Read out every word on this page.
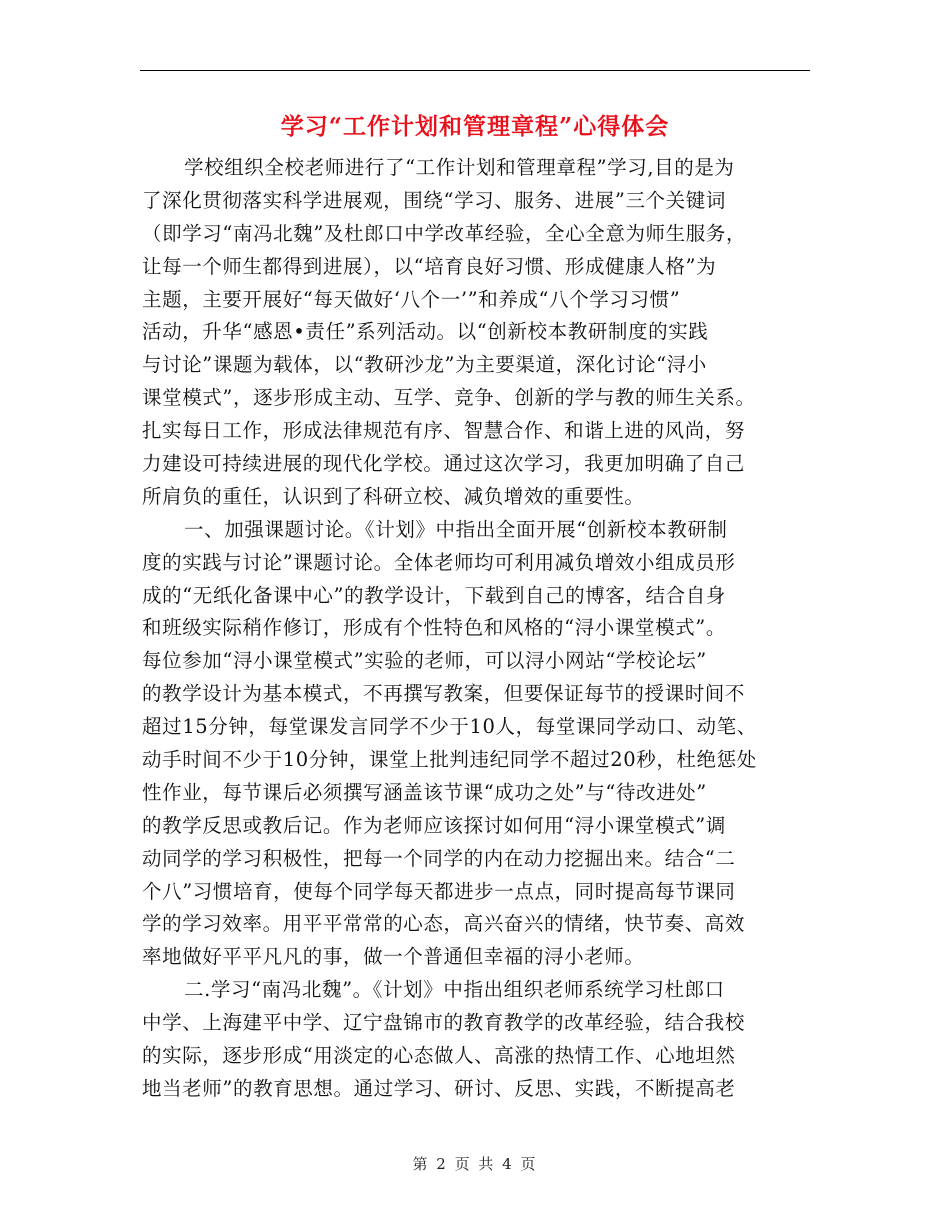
学习“工作计划和管理章程”心得体会
学校组织全校老师进行了“工作计划和管理章程”学习,目的是为
了深化贯彻落实科学进展观，围绕“学习、服务、进展”三个关键词
（即学习“南冯北魏”及杜郎口中学改革经验，全心全意为师生服务，
让每一个师生都得到进展），以“培育良好习惯、形成健康人格”为
主题，主要开展好“每天做好‘八个一’”和养成“八个学习习惯”
活动，升华“感恩•责任”系列活动。以“创新校本教研制度的实践
与讨论”课题为载体，以“教研沙龙”为主要渠道，深化讨论“浔小
课堂模式”，逐步形成主动、互学、竞争、创新的学与教的师生关系。
扎实每日工作，形成法律规范有序、智慧合作、和谐上进的风尚，努
力建设可持续进展的现代化学校。通过这次学习，我更加明确了自己
所肩负的重任，认识到了科研立校、减负增效的重要性。
一、加强课题讨论。《计划》中指出全面开展“创新校本教研制
度的实践与讨论”课题讨论。全体老师均可利用减负增效小组成员形
成的“无纸化备课中心”的教学设计，下载到自己的博客，结合自身
和班级实际稍作修订，形成有个性特色和风格的“浔小课堂模式”。
每位参加“浔小课堂模式”实验的老师，可以浔小网站“学校论坛”
的教学设计为基本模式，不再撰写教案，但要保证每节的授课时间不
超过15分钟，每堂课发言同学不少于10人，每堂课同学动口、动笔、
动手时间不少于10分钟，课堂上批判违纪同学不超过20秒，杜绝惩处
性作业，每节课后必须撰写涵盖该节课“成功之处”与“待改进处”
的教学反思或教后记。作为老师应该探讨如何用“浔小课堂模式”调
动同学的学习积极性，把每一个同学的内在动力挖掘出来。结合“二
个八”习惯培育，使每个同学每天都进步一点点，同时提高每节课同
学的学习效率。用平平常常的心态，高兴奋兴的情绪，快节奏、高效
率地做好平平凡凡的事，做一个普通但幸福的浔小老师。
二.学习“南冯北魏”。《计划》中指出组织老师系统学习杜郎口
中学、上海建平中学、辽宁盘锦市的教育教学的改革经验，结合我校
的实际，逐步形成“用淡定的心态做人、高涨的热情工作、心地坦然
地当老师”的教育思想。通过学习、研讨、反思、实践，不断提高老
第 2 页 共 4 页
